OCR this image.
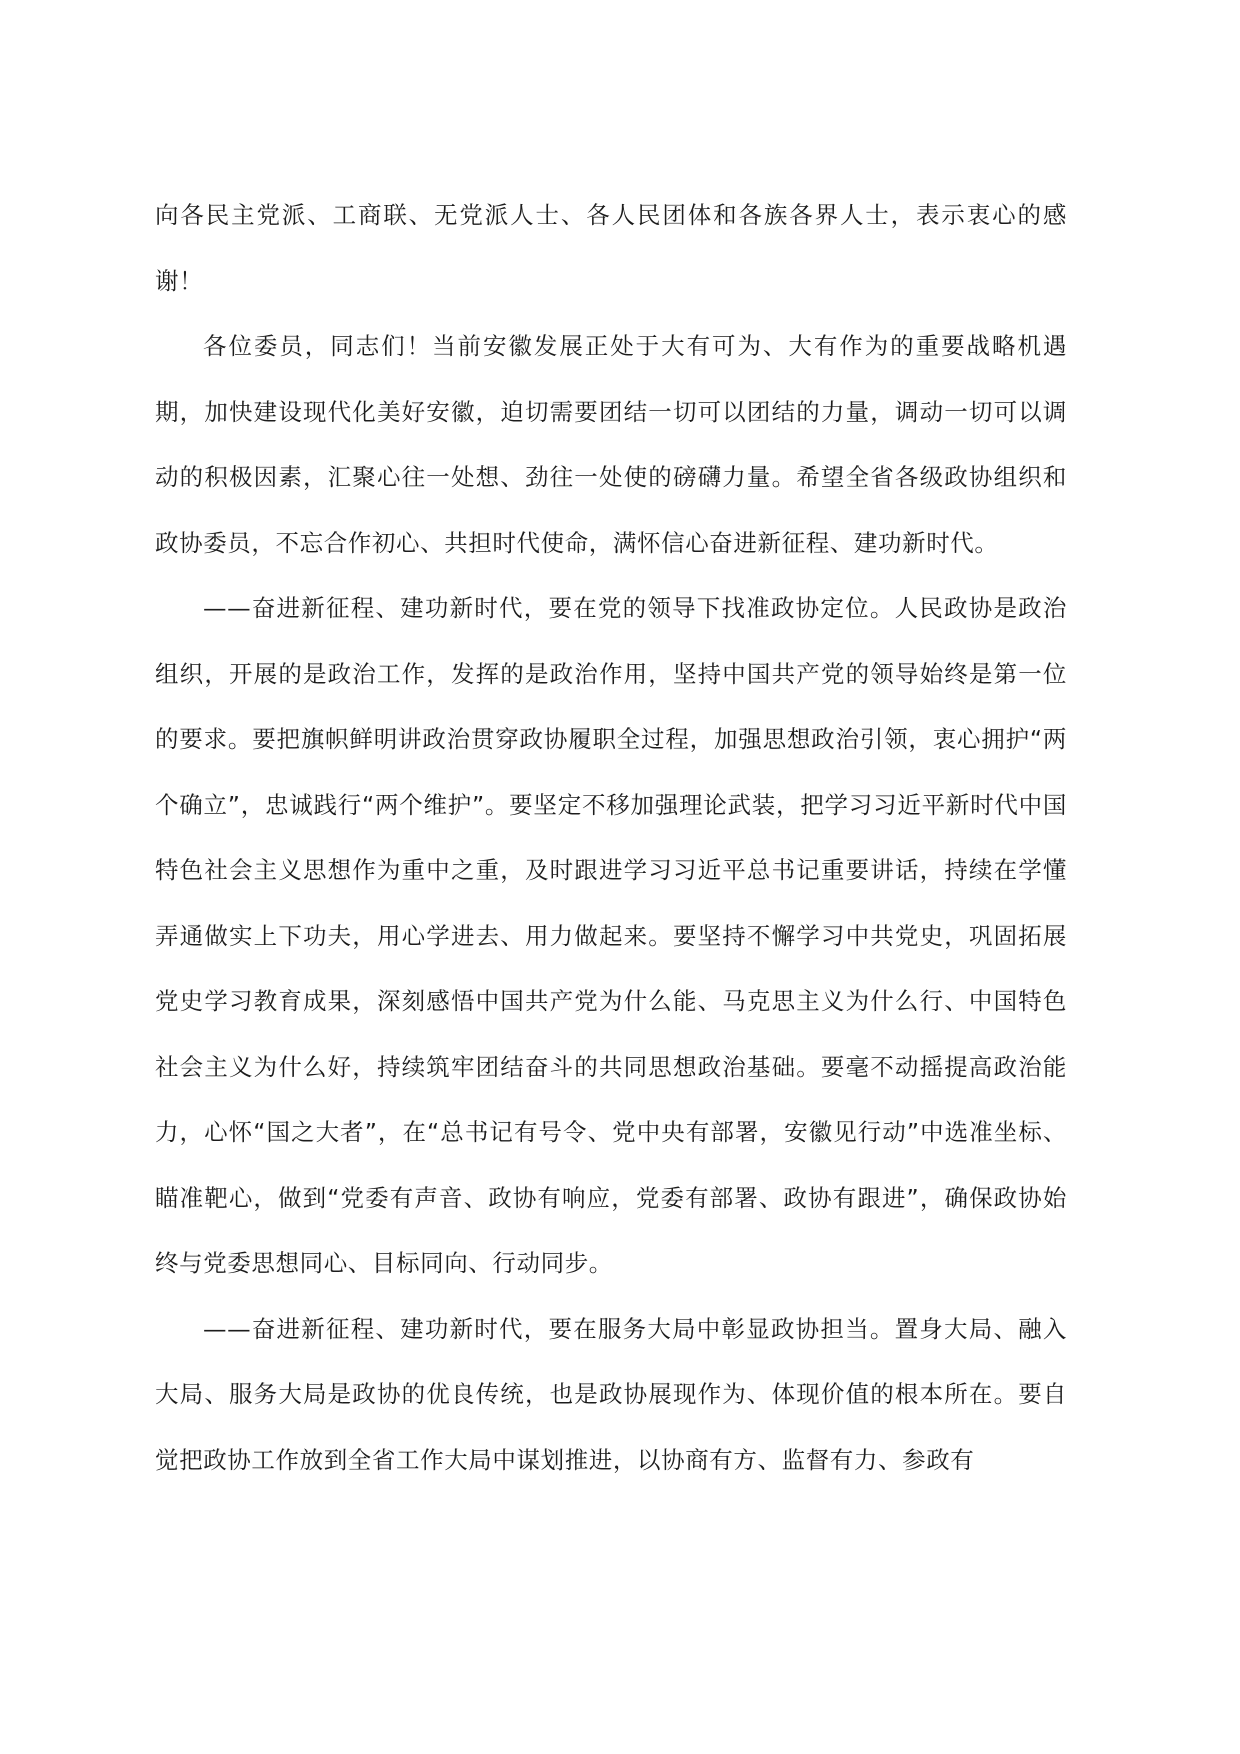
向各民主党派、工商联、无党派人士、各人民团体和各族各界人士，表示衷心的感谢！

各位委员，同志们！当前安徽发展正处于大有可为、大有作为的重要战略机遇期，加快建设现代化美好安徽，迫切需要团结一切可以团结的力量，调动一切可以调动的积极因素，汇聚心往一处想、劲往一处使的磅礴力量。希望全省各级政协组织和政协委员，不忘合作初心、共担时代使命，满怀信心奋进新征程、建功新时代。

——奋进新征程、建功新时代，要在党的领导下找准政协定位。人民政协是政治组织，开展的是政治工作，发挥的是政治作用，坚持中国共产党的领导始终是第一位的要求。要把旗帜鲜明讲政治贯穿政协履职全过程，加强思想政治引领，衷心拥护“两个确立”，忠诚践行“两个维护”。要坚定不移加强理论武装，把学习习近平新时代中国特色社会主义思想作为重中之重，及时跟进学习习近平总书记重要讲话，持续在学懂弄通做实上下功夫，用心学进去、用力做起来。要坚持不懈学习中共党史，巩固拓展党史学习教育成果，深刻感悟中国共产党为什么能、马克思主义为什么行、中国特色社会主义为什么好，持续筑牢团结奋斗的共同思想政治基础。要毫不动摇提高政治能力，心怀“国之大者”，在“总书记有号令、党中央有部署，安徽见行动”中选准坐标、瞄准靶心，做到“党委有声音、政协有响应，党委有部署、政协有跟进”，确保政协始终与党委思想同心、目标同向、行动同步。

——奋进新征程、建功新时代，要在服务大局中彰显政协担当。置身大局、融入大局、服务大局是政协的优良传统，也是政协展现作为、体现价值的根本所在。要自觉把政协工作放到全省工作大局中谋划推进，以协商有方、监督有力、参政有
